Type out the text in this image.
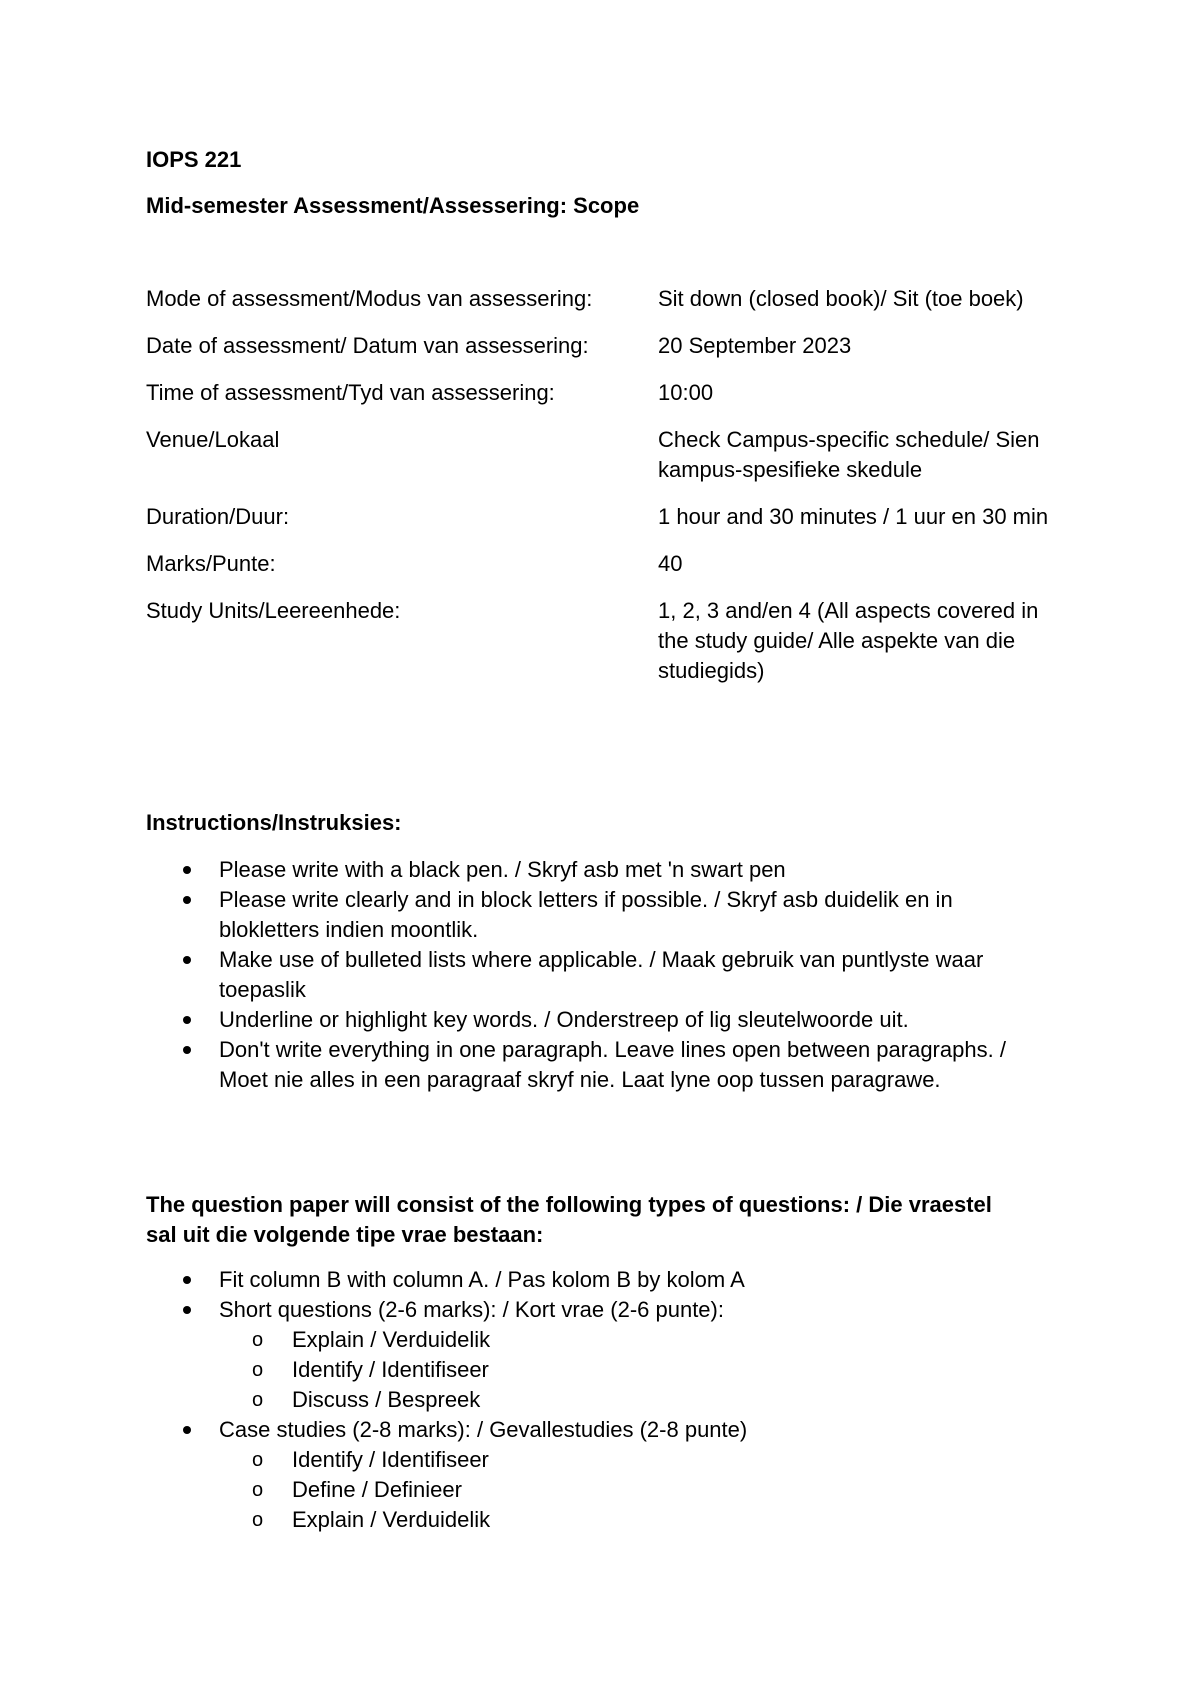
IOPS 221
Mid-semester Assessment/Assessering: Scope
Mode of assessment/Modus van assessering:	Sit down (closed book)/ Sit (toe boek)
Date of assessment/ Datum van assessering:	20 September 2023
Time of assessment/Tyd van assessering:	10:00
Venue/Lokaal	Check Campus-specific schedule/ Sien kampus-spesifieke skedule
Duration/Duur:	1 hour and 30 minutes / 1 uur en 30 min
Marks/Punte:	40
Study Units/Leereenhede:	1, 2, 3 and/en 4 (All aspects covered in the study guide/ Alle aspekte van die studiegids)
Instructions/Instruksies:
Please write with a black pen. / Skryf asb met 'n swart pen
Please write clearly and in block letters if possible. / Skryf asb duidelik en in blokletters indien moontlik.
Make use of bulleted lists where applicable. / Maak gebruik van puntlyste waar toepaslik
Underline or highlight key words. / Onderstreep of lig sleutelwoorde uit.
Don't write everything in one paragraph. Leave lines open between paragraphs. / Moet nie alles in een paragraaf skryf nie. Laat lyne oop tussen paragrawe.
The question paper will consist of the following types of questions: / Die vraestel sal uit die volgende tipe vrae bestaan:
Fit column B with column A. / Pas kolom B by kolom A
Short questions (2-6 marks): / Kort vrae (2-6 punte):
o Explain / Verduidelik
o Identify / Identifiseer
o Discuss / Bespreek
Case studies (2-8 marks): / Gevallestudies (2-8 punte)
o Identify / Identifiseer
o Define / Definieer
o Explain / Verduidelik
